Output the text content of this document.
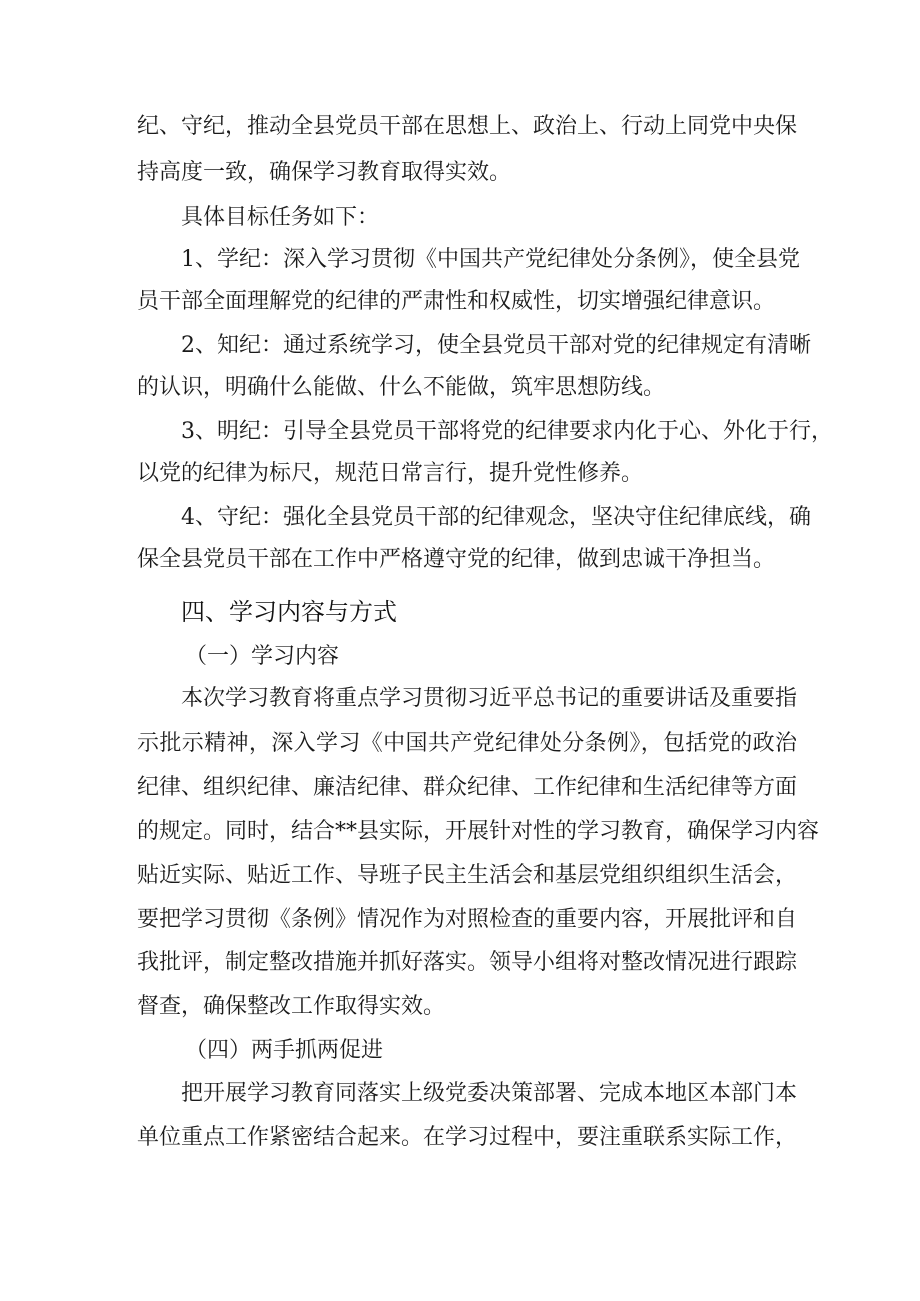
纪、守纪，推动全县党员干部在思想上、政治上、行动上同党中央保
持高度一致，确保学习教育取得实效。
具体目标任务如下：
1、学纪：深入学习贯彻《中国共产党纪律处分条例》，使全县党
员干部全面理解党的纪律的严肃性和权威性，切实增强纪律意识。
2、知纪：通过系统学习，使全县党员干部对党的纪律规定有清晰
的认识，明确什么能做、什么不能做，筑牢思想防线。
3、明纪：引导全县党员干部将党的纪律要求内化于心、外化于行，
以党的纪律为标尺，规范日常言行，提升党性修养。
4、守纪：强化全县党员干部的纪律观念，坚决守住纪律底线，确
保全县党员干部在工作中严格遵守党的纪律，做到忠诚干净担当。
四、学习内容与方式
（一）学习内容
本次学习教育将重点学习贯彻习近平总书记的重要讲话及重要指
示批示精神，深入学习《中国共产党纪律处分条例》，包括党的政治
纪律、组织纪律、廉洁纪律、群众纪律、工作纪律和生活纪律等方面
的规定。同时，结合**县实际，开展针对性的学习教育，确保学习内容
贴近实际、贴近工作、导班子民主生活会和基层党组织组织生活会，
要把学习贯彻《条例》情况作为对照检查的重要内容，开展批评和自
我批评，制定整改措施并抓好落实。领导小组将对整改情况进行跟踪
督查，确保整改工作取得实效。
（四）两手抓两促进
把开展学习教育同落实上级党委决策部署、完成本地区本部门本
单位重点工作紧密结合起来。在学习过程中，要注重联系实际工作，
